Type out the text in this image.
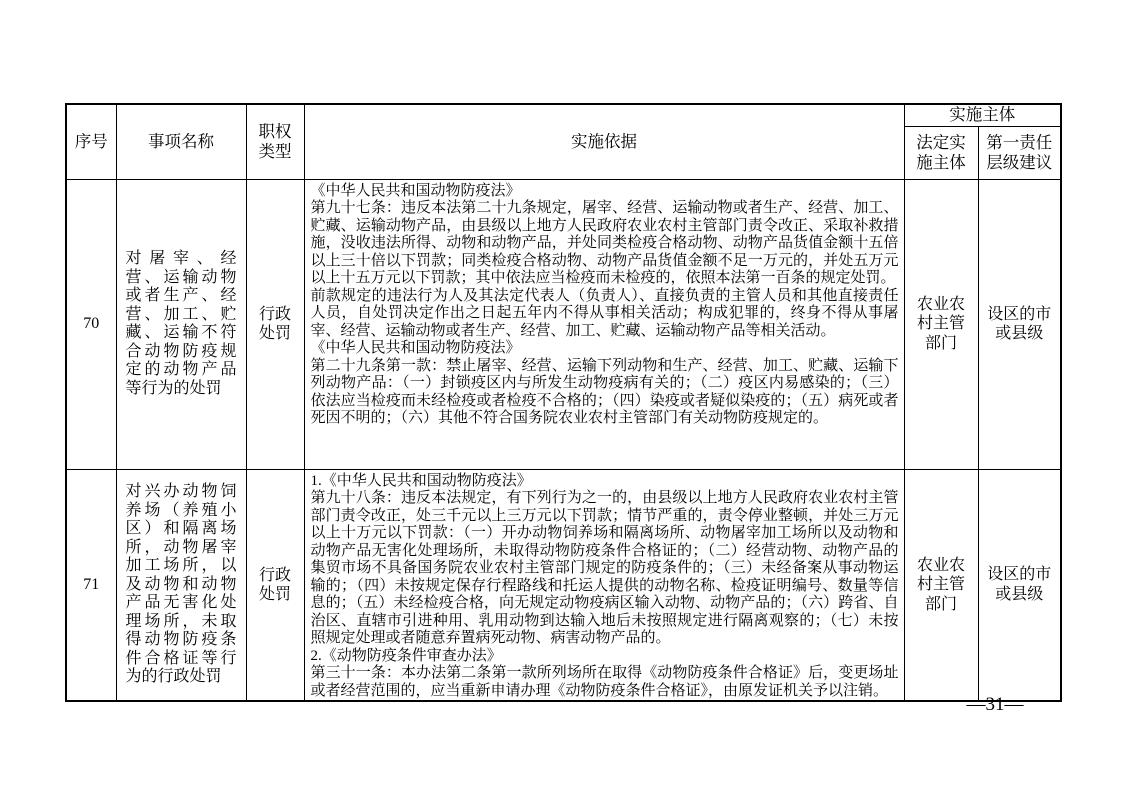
序号	事项名称	职权类型	实施依据	实施主体	
				法定实施主体	第一责任层级建议
70	对屠宰、经营、运输动物或者生产、经营、加工、贮藏、运输不符合动物防疫规定的动物产品等行为的处罚	行政处罚	《中华人民共和国动物防疫法》

第九十七条：违反本法第二十九条规定，屠宰、经营、运输动物或者生产、经营、加工、贮藏、运输动物产品，由县级以上地方人民政府农业农村主管部门责令改正、采取补救措施，没收违法所得、动物和动物产品，并处同类检疫合格动物、动物产品货值金额十五倍以上三十倍以下罚款；同类检疫合格动物、动物产品货值金额不足一万元的，并处五万元以上十五万元以下罚款；其中依法应当检疫而未检疫的，依照本法第一百条的规定处罚。

前款规定的违法行为人及其法定代表人（负责人）、直接负责的主管人员和其他直接责任人员，自处罚决定作出之日起五年内不得从事相关活动；构成犯罪的，终身不得从事屠宰、经营、运输动物或者生产、经营、加工、贮藏、运输动物产品等相关活动。

《中华人民共和国动物防疫法》

第二十九条第一款：禁止屠宰、经营、运输下列动物和生产、经营、加工、贮藏、运输下列动物产品：（一）封锁疫区内与所发生动物疫病有关的；（二）疫区内易感染的；（三）依法应当检疫而未经检疫或者检疫不合格的；（四）染疫或者疑似染疫的；（五）病死或者死因不明的；（六）其他不符合国务院农业农村主管部门有关动物防疫规定的。	农业农村主管部门	设区的市或县级
71	对兴办动物饲养场（养殖小区）和隔离场所，动物屠宰加工场所，以及动物和动物产品无害化处理场所，未取得动物防疫条件合格证等行为的行政处罚	行政处罚	1.《中华人民共和国动物防疫法》

第九十八条：违反本法规定，有下列行为之一的，由县级以上地方人民政府农业农村主管部门责令改正，处三千元以上三万元以下罚款；情节严重的，责令停业整顿，并处三万元以上十万元以下罚款：（一）开办动物饲养场和隔离场所、动物屠宰加工场所以及动物和动物产品无害化处理场所，未取得动物防疫条件合格证的；（二）经营动物、动物产品的集贸市场不具备国务院农业农村主管部门规定的防疫条件的；（三）未经备案从事动物运输的；（四）未按规定保存行程路线和托运人提供的动物名称、检疫证明编号、数量等信息的；（五）未经检疫合格，向无规定动物疫病区输入动物、动物产品的；（六）跨省、自治区、直辖市引进种用、乳用动物到达输入地后未按照规定进行隔离观察的；（七）未按照规定处理或者随意弃置病死动物、病害动物产品的。

2.《动物防疫条件审查办法》

第三十一条：本办法第二条第一款所列场所在取得《动物防疫条件合格证》后，变更场址或者经营范围的，应当重新申请办理《动物防疫条件合格证》，由原发证机关予以注销。	农业农村主管部门	设区的市或县级
—31—
